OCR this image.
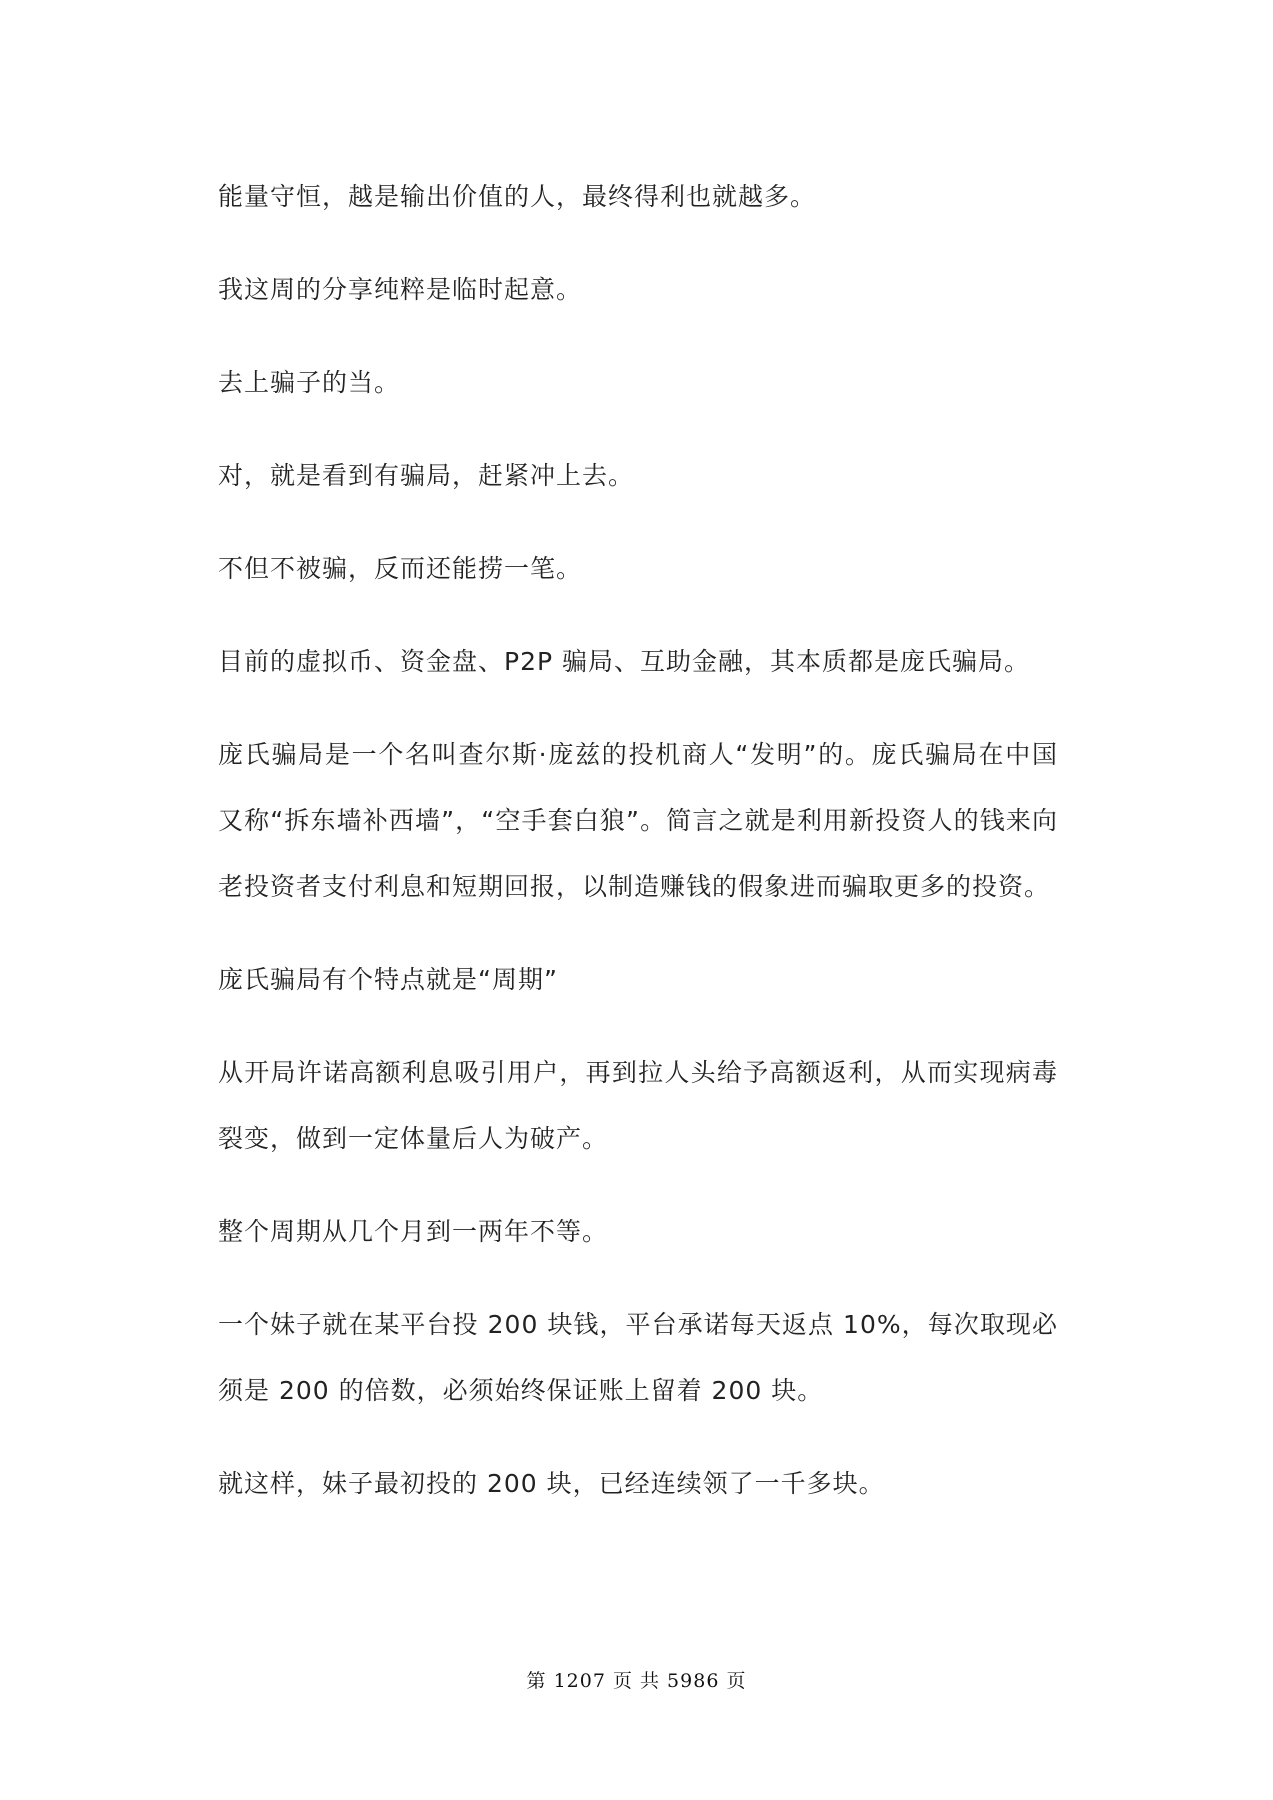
能量守恒，越是输出价值的人，最终得利也就越多。

我这周的分享纯粹是临时起意。

去上骗子的当。

对，就是看到有骗局，赶紧冲上去。

不但不被骗，反而还能捞一笔。

目前的虚拟币、资金盘、P2P 骗局、互助金融，其本质都是庞氏骗局。

庞氏骗局是一个名叫查尔斯·庞兹的投机商人“发明”的。庞氏骗局在中国又称“拆东墙补西墙”，“空手套白狼”。简言之就是利用新投资人的钱来向老投资者支付利息和短期回报，以制造赚钱的假象进而骗取更多的投资。

庞氏骗局有个特点就是“周期”

从开局许诺高额利息吸引用户，再到拉人头给予高额返利，从而实现病毒裂变，做到一定体量后人为破产。

整个周期从几个月到一两年不等。

一个妹子就在某平台投 200 块钱，平台承诺每天返点 10%，每次取现必须是 200 的倍数，必须始终保证账上留着 200 块。

就这样，妹子最初投的 200 块，已经连续领了一千多块。

第 1207 页 共 5986 页
